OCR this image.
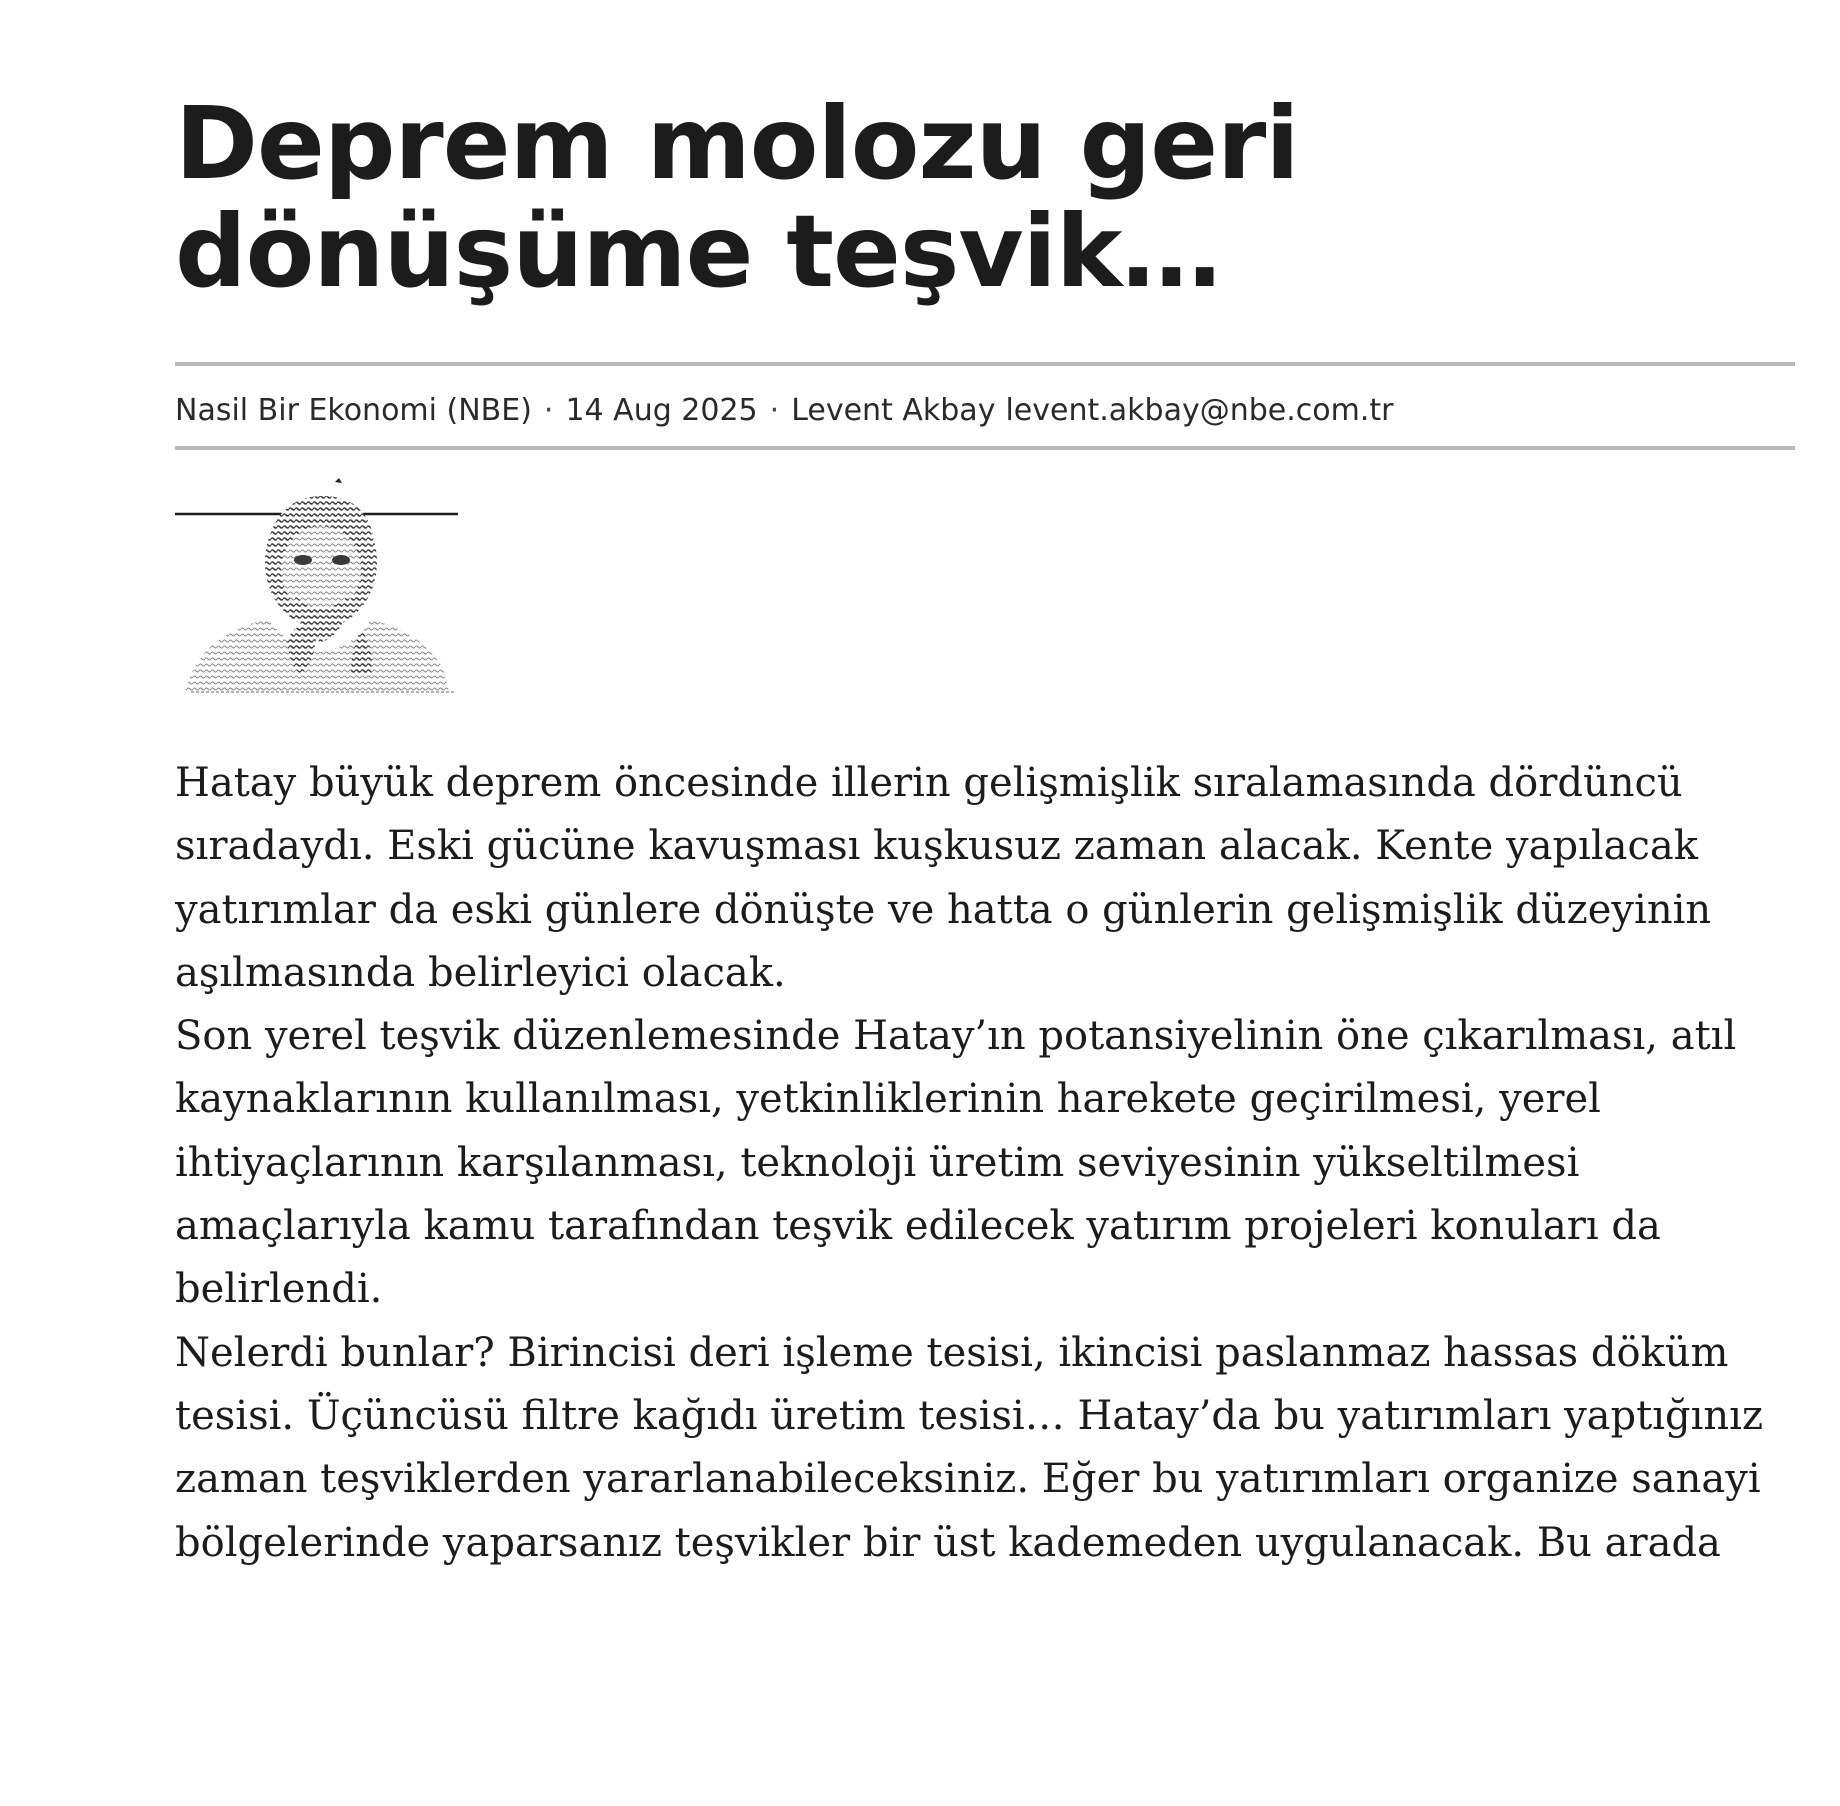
Deprem molozu geri dönüşüme teşvik…
Nasil Bir Ekonomi (NBE) · 14 Aug 2025 · Levent Akbay levent.akbay@nbe.com.tr

Hatay büyük deprem öncesinde illerin gelişmişlik sıralamasında dördüncü sıradaydı. Eski gücüne kavuşması kuşkusuz zaman alacak. Kente yapılacak yatırımlar da eski günlere dönüşte ve hatta o günlerin gelişmişlik düzeyinin aşılmasında belirleyici olacak.

Son yerel teşvik düzenlemesinde Hatay’ın potansiyelinin öne çıkarılması, atıl kaynaklarının kullanılması, yetkinliklerinin harekete geçirilmesi, yerel ihtiyaçlarının karşılanması, teknoloji üretim seviyesinin yükseltilmesi amaçlarıyla kamu tarafından teşvik edilecek yatırım projeleri konuları da belirlendi.

Nelerdi bunlar? Birincisi deri işleme tesisi, ikincisi paslanmaz hassas döküm tesisi. Üçüncüsü filtre kağıdı üretim tesisi… Hatay’da bu yatırımları yaptığınız zaman teşviklerden yararlanabileceksiniz. Eğer bu yatırımları organize sanayi bölgelerinde yaparsanız teşvikler bir üst kademeden uygulanacak. Bu arada
